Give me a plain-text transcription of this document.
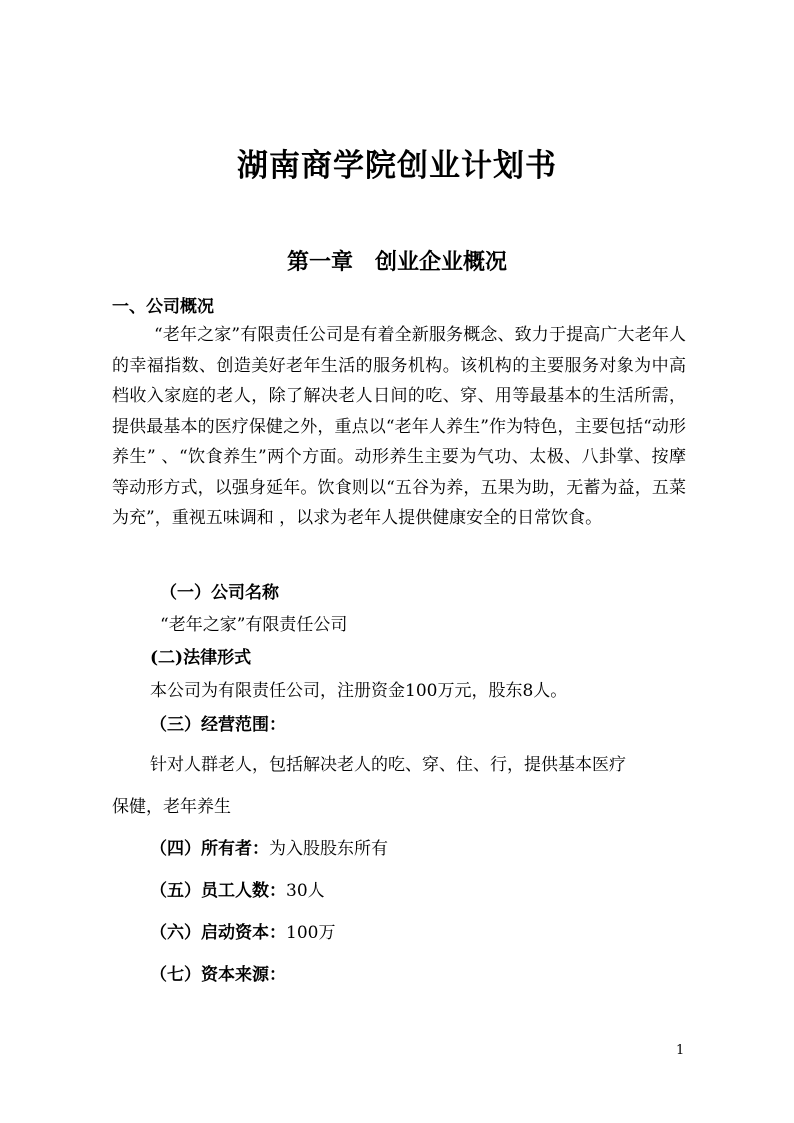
湖南商学院创业计划书
第一章　创业企业概况
一、公司概况

“老年之家”有限责任公司是有着全新服务概念、致力于提高广大老年人的幸福指数、创造美好老年生活的服务机构。该机构的主要服务对象为中高档收入家庭的老人，除了解决老人日间的吃、穿、用等最基本的生活所需，提供最基本的医疗保健之外，重点以“老年人养生”作为特色，主要包括“动形养生” 、“饮食养生”两个方面。动形养生主要为气功、太极、八卦掌、按摩等动形方式，以强身延年。饮食则以“五谷为养，五果为助，无蓄为益，五菜为充”，重视五味调和 ，以求为老年人提供健康安全的日常饮食。

（一）公司名称
“老年之家”有限责任公司
(二)法律形式
本公司为有限责任公司，注册资金100万元，股东8人。
（三）经营范围：
针对人群老人，包括解决老人的吃、穿、住、行，提供基本医疗
保健，老年养生
（四）所有者：为入股股东所有
（五）员工人数：30人
（六）启动资本：100万
（七）资本来源：
1
